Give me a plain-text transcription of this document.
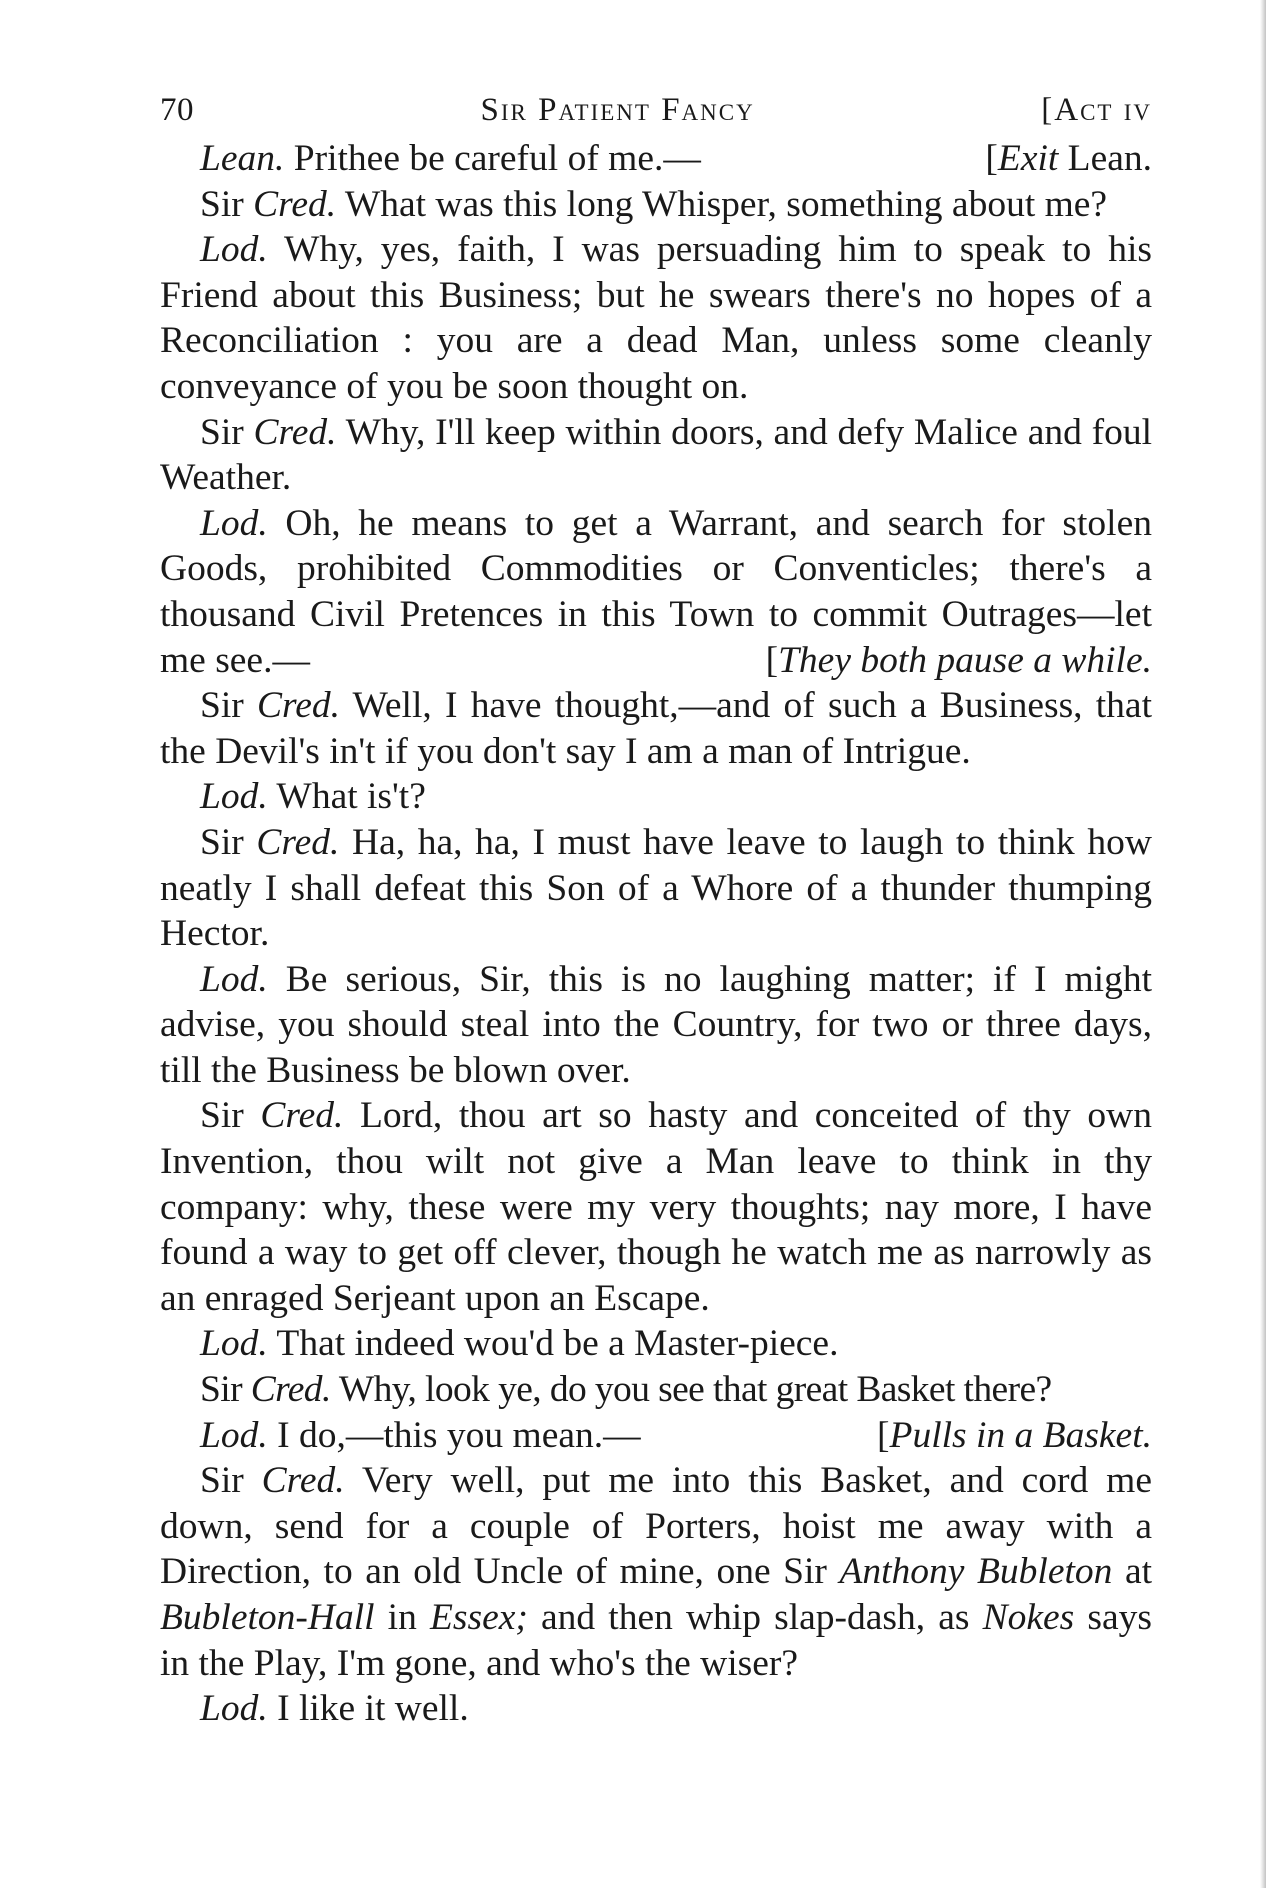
70	Sir Patient Fancy	[Act iv

Lean. Prithee be careful of me.—	[Exit Lean.

Sir Cred. What was this long Whisper, something about me?

Lod. Why, yes, faith, I was persuading him to speak to his Friend about this Business; but he swears there's no hopes of a Reconciliation : you are a dead Man, unless some cleanly conveyance of you be soon thought on.

Sir Cred. Why, I'll keep within doors, and defy Malice and foul Weather.

Lod. Oh, he means to get a Warrant, and search for stolen Goods, prohibited Commodities or Conventicles; there's a thousand Civil Pretences in this Town to commit Outrages—let me see.—	[They both pause a while.

Sir Cred. Well, I have thought,—and of such a Business, that the Devil's in't if you don't say I am a man of Intrigue.

Lod. What is't?

Sir Cred. Ha, ha, ha, I must have leave to laugh to think how neatly I shall defeat this Son of a Whore of a thunder thumping Hector.

Lod. Be serious, Sir, this is no laughing matter; if I might advise, you should steal into the Country, for two or three days, till the Business be blown over.

Sir Cred. Lord, thou art so hasty and conceited of thy own Invention, thou wilt not give a Man leave to think in thy company: why, these were my very thoughts; nay more, I have found a way to get off clever, though he watch me as narrowly as an enraged Serjeant upon an Escape.

Lod. That indeed wou'd be a Master-piece.

Sir Cred. Why, look ye, do you see that great Basket there?

Lod. I do,—this you mean.—	[Pulls in a Basket.

Sir Cred. Very well, put me into this Basket, and cord me down, send for a couple of Porters, hoist me away with a Direction, to an old Uncle of mine, one Sir Anthony Bubleton at Bubleton-Hall in Essex; and then whip slap-dash, as Nokes says in the Play, I'm gone, and who's the wiser?

Lod. I like it well.
